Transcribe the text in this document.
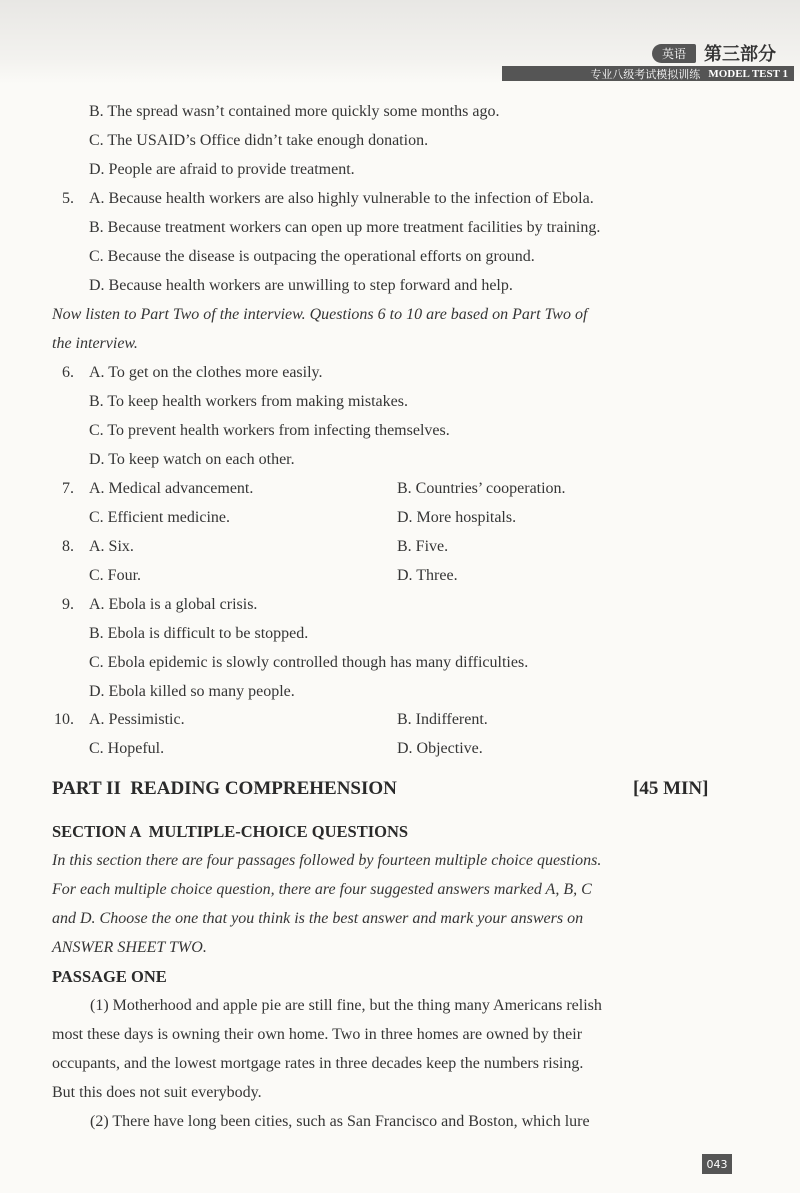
英语	第三部分
专业八级考试模拟训练 MODEL TEST 1
B. The spread wasn’t contained more quickly some months ago.
C. The USAID’s Office didn’t take enough donation.
D. People are afraid to provide treatment.
5. A. Because health workers are also highly vulnerable to the infection of Ebola.
B. Because treatment workers can open up more treatment facilities by training.
C. Because the disease is outpacing the operational efforts on ground.
D. Because health workers are unwilling to step forward and help.
Now listen to Part Two of the interview. Questions 6 to 10 are based on Part Two of
the interview.
6. A. To get on the clothes more easily.
B. To keep health workers from making mistakes.
C. To prevent health workers from infecting themselves.
D. To keep watch on each other.
7. A. Medical advancement.	B. Countries’ cooperation.
C. Efficient medicine.	D. More hospitals.
8. A. Six.	B. Five.
C. Four.	D. Three.
9. A. Ebola is a global crisis.
B. Ebola is difficult to be stopped.
C. Ebola epidemic is slowly controlled though has many difficulties.
D. Ebola killed so many people.
10. A. Pessimistic.	B. Indifferent.
C. Hopeful.	D. Objective.
PART II  READING COMPREHENSION	[45 MIN]
SECTION A  MULTIPLE-CHOICE QUESTIONS
In this section there are four passages followed by fourteen multiple choice questions.
For each multiple choice question, there are four suggested answers marked A, B, C
and D. Choose the one that you think is the best answer and mark your answers on
ANSWER SHEET TWO.
PASSAGE ONE
(1) Motherhood and apple pie are still fine, but the thing many Americans relish
most these days is owning their own home. Two in three homes are owned by their
occupants, and the lowest mortgage rates in three decades keep the numbers rising.
But this does not suit everybody.
(2) There have long been cities, such as San Francisco and Boston, which lure
043
